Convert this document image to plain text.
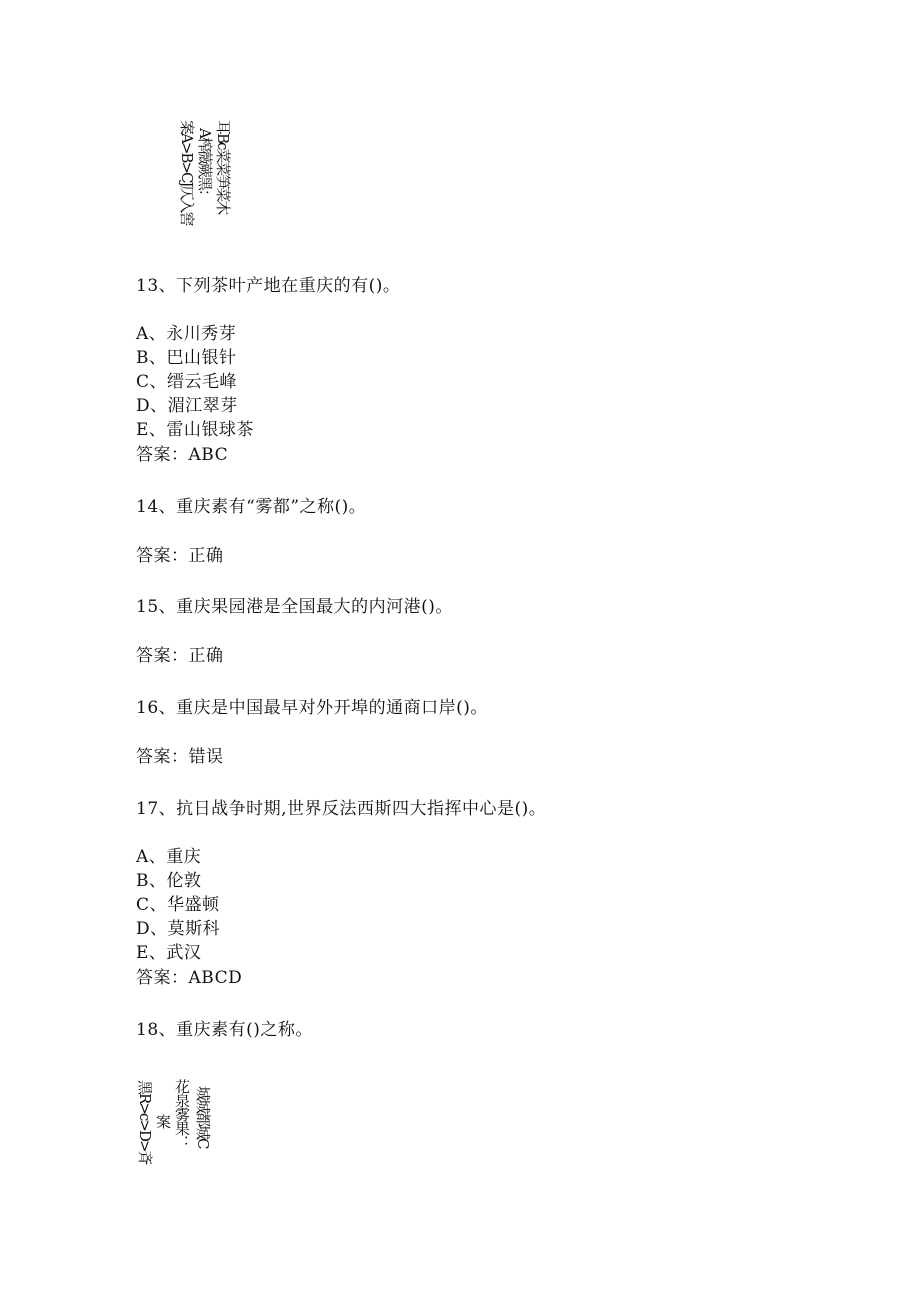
案A>B>CJ仄入窖 A榨薇蕨黑： 耳Bc菜菜笋菜木
13、下列茶叶产地在重庆的有()。
A、永川秀芽
B、巴山银针
C、缙云毛峰
D、湄江翠芽
E、雷山银球茶
答案：ABC
14、重庆素有“雾都”之称()。
答案：正确
15、重庆果园港是全国最大的内河港()。
答案：正确
16、重庆是中国最早对外开埠的通商口岸()。
答案：错误
17、抗日战争时期,世界反法西斯四大指挥中心是()。
A、重庆
B、伦敦
C、华盛顿
D、莫斯科
E、武汉
答案：ABCD
18、重庆素有()之称。
黑R>c>D>斉 案 花泉雾果： 城城都城C
